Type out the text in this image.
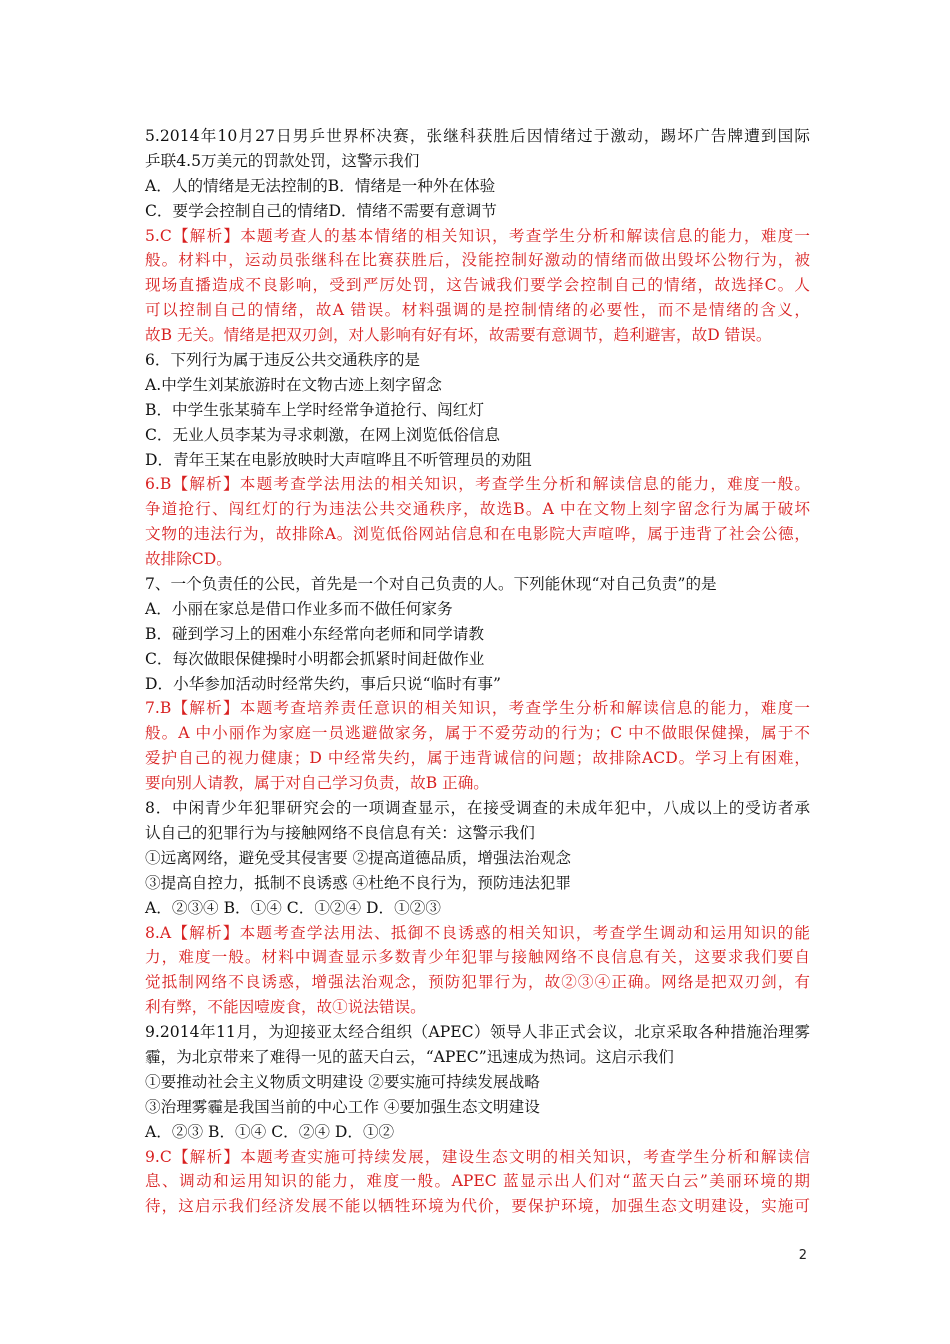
5.2014年10月27日男乒世界杯决赛，张继科获胜后因情绪过于激动，踢坏广告牌遭到国际
乒联4.5万美元的罚款处罚，这警示我们
A．人的情绪是无法控制的B．情绪是一种外在体验
C．要学会控制自己的情绪D．情绪不需要有意调节
5.C【解析】本题考查人的基本情绪的相关知识，考查学生分析和解读信息的能力，难度一
般。材料中，运动员张继科在比赛获胜后，没能控制好激动的情绪而做出毁坏公物行为，被
现场直播造成不良影响，受到严厉处罚，这告诫我们要学会控制自己的情绪，故选择C。人
可以控制自己的情绪，故A 错误。材料强调的是控制情绪的必要性，而不是情绪的含义，
故B 无关。情绪是把双刃剑，对人影响有好有坏，故需要有意调节，趋利避害，故D 错误。
6．下列行为属于违反公共交通秩序的是
A.中学生刘某旅游时在文物古迹上刻字留念
B．中学生张某骑车上学时经常争道抢行、闯红灯
C．无业人员李某为寻求刺激，在网上浏览低俗信息
D．青年王某在电影放映时大声喧哗且不听管理员的劝阻
6.B【解析】本题考查学法用法的相关知识，考查学生分析和解读信息的能力，难度一般。
争道抢行、闯红灯的行为违法公共交通秩序，故选B。A 中在文物上刻字留念行为属于破坏
文物的违法行为，故排除A。浏览低俗网站信息和在电影院大声喧哗，属于违背了社会公德，
故排除CD。
7、一个负责任的公民，首先是一个对自己负责的人。下列能休现“对自己负责”的是
A．小丽在家总是借口作业多而不做任何家务
B．碰到学习上的困难小东经常向老师和同学请教
C．每次做眼保健操时小明都会抓紧时间赶做作业
D．小华参加活动时经常失约，事后只说“临时有事”
7.B【解析】本题考查培养责任意识的相关知识，考查学生分析和解读信息的能力，难度一
般。A 中小丽作为家庭一员逃避做家务，属于不爱劳动的行为；C 中不做眼保健操，属于不
爱护自己的视力健康；D 中经常失约，属于违背诚信的问题；故排除ACD。学习上有困难，
要向别人请教，属于对自己学习负责，故B 正确。
8．中闲青少年犯罪研究会的一项调查显示，在接受调查的未成年犯中，八成以上的受访者承
认自己的犯罪行为与接触网络不良信息有关：这警示我们
①远离网络，避免受其侵害要 ②提高道德品质，增强法治观念
③提高自控力，抵制不良诱惑 ④杜绝不良行为，预防违法犯罪
A．②③④ B．①④ C．①②④ D．①②③
8.A【解析】本题考查学法用法、抵御不良诱惑的相关知识，考查学生调动和运用知识的能
力，难度一般。材料中调查显示多数青少年犯罪与接触网络不良信息有关，这要求我们要自
觉抵制网络不良诱惑，增强法治观念，预防犯罪行为，故②③④正确。网络是把双刃剑，有
利有弊，不能因噎废食，故①说法错误。
9.2014年11月，为迎接亚太经合组织（APEC）领导人非正式会议，北京采取各种措施治理雾
霾，为北京带来了难得一见的蓝天白云，“APEC”迅速成为热词。这启示我们
①要推动社会主义物质文明建设 ②要实施可持续发展战略
③治理雾霾是我国当前的中心工作 ④要加强生态文明建设
A．②③ B．①④ C．②④ D．①②
9.C【解析】本题考查实施可持续发展，建设生态文明的相关知识，考查学生分析和解读信
息、调动和运用知识的能力，难度一般。APEC 蓝显示出人们对“蓝天白云”美丽环境的期
待，这启示我们经济发展不能以牺牲环境为代价，要保护环境，加强生态文明建设，实施可
2
